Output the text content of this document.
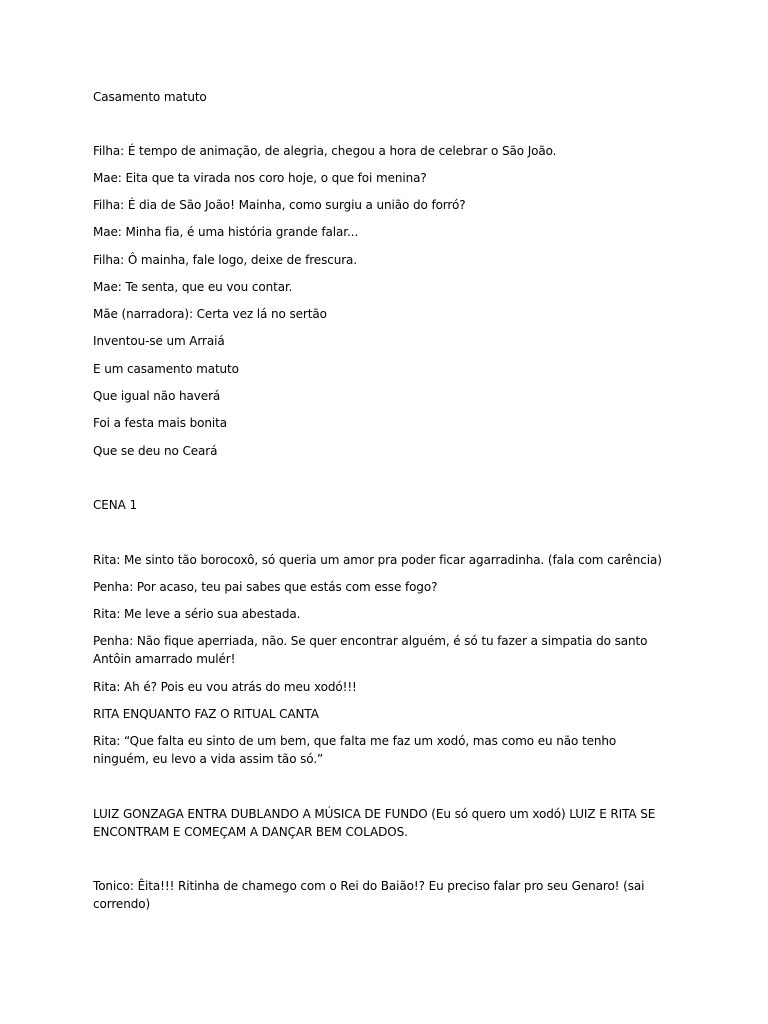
Casamento matuto
Filha: É tempo de animação, de alegria, chegou a hora de celebrar o São João.
Mae: Eita que ta virada nos coro hoje, o que foi menina?
Filha: É dia de São João! Mainha, como surgiu a união do forró?
Mae: Minha fia, é uma história grande falar...
Filha: Ô mainha, fale logo, deixe de frescura.
Mae: Te senta, que eu vou contar.
Mãe (narradora): Certa vez lá no sertão
Inventou-se um Arraiá
E um casamento matuto
Que igual não haverá
Foi a festa mais bonita
Que se deu no Ceará
CENA 1
Rita: Me sinto tão borocoxô, só queria um amor pra poder ficar agarradinha. (fala com carência)
Penha: Por acaso, teu pai sabes que estás com esse fogo?
Rita: Me leve a sério sua abestada.
Penha: Não fique aperriada, não. Se quer encontrar alguém, é só tu fazer a simpatia do santo Antôin amarrado mulér!
Rita: Ah é? Pois eu vou atrás do meu xodó!!!
RITA ENQUANTO FAZ O RITUAL CANTA
Rita: “Que falta eu sinto de um bem, que falta me faz um xodó, mas como eu não tenho ninguém, eu levo a vida assim tão só.”
LUIZ GONZAGA ENTRA DUBLANDO A MÚSICA DE FUNDO (Eu só quero um xodó) LUIZ E RITA SE ENCONTRAM E COMEÇAM A DANÇAR BEM COLADOS.
Tonico: Êita!!! Ritinha de chamego com o Rei do Baião!? Eu preciso falar pro seu Genaro! (sai correndo)
